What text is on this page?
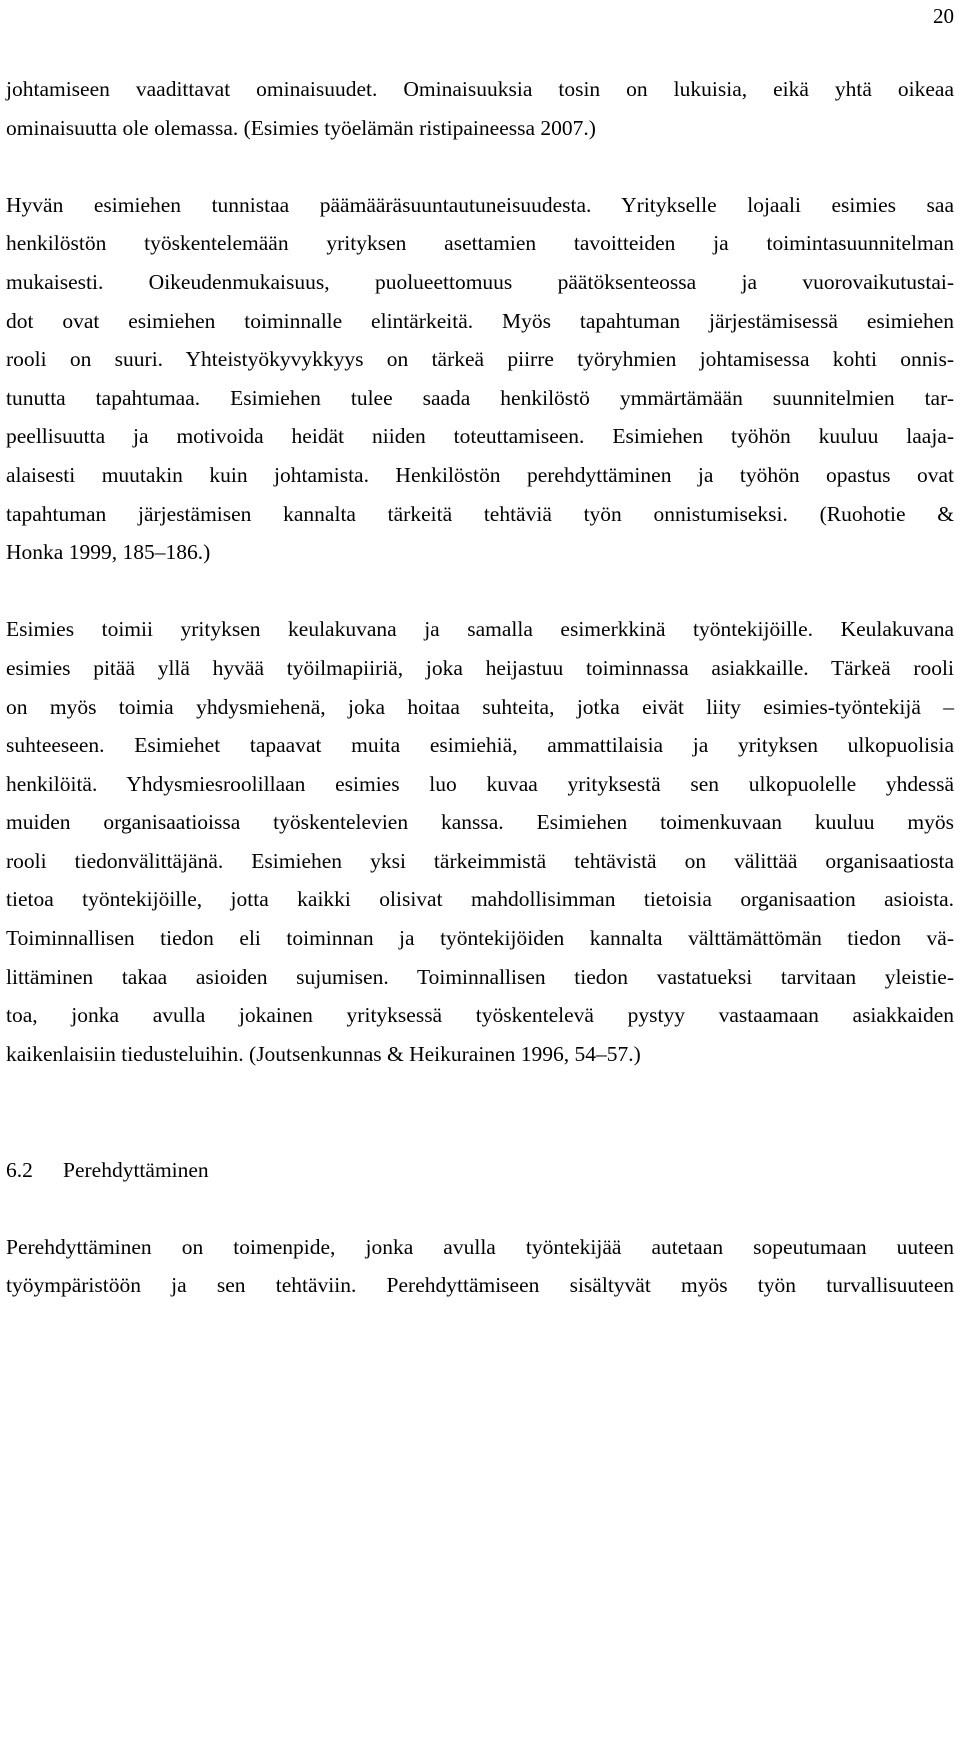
20
johtamiseen vaadittavat ominaisuudet. Ominaisuuksia tosin on lukuisia, eikä yhtä oikeaa
ominaisuutta ole olemassa. (Esimies työelämän ristipaineessa 2007.)
Hyvän esimiehen tunnistaa päämääräsuuntautuneisuudesta. Yritykselle lojaali esimies saa
henkilöstön työskentelemään yrityksen asettamien tavoitteiden ja toimintasuunnitelman
mukaisesti. Oikeudenmukaisuus, puolueettomuus päätöksenteossa ja vuorovaikutustai-
dot ovat esimiehen toiminnalle elintärkeitä. Myös tapahtuman järjestämisessä esimiehen
rooli on suuri. Yhteistyökyvykkyys on tärkeä piirre työryhmien johtamisessa kohti onnis-
tunutta tapahtumaa. Esimiehen tulee saada henkilöstö ymmärtämään suunnitelmien tar-
peellisuutta ja motivoida heidät niiden toteuttamiseen. Esimiehen työhön kuuluu laaja-
alaisesti muutakin kuin johtamista. Henkilöstön perehdyttäminen ja työhön opastus ovat
tapahtuman järjestämisen kannalta tärkeitä tehtäviä työn onnistumiseksi. (Ruohotie &
Honka 1999, 185–186.)
Esimies toimii yrityksen keulakuvana ja samalla esimerkkinä työntekijöille. Keulakuvana
esimies pitää yllä hyvää työilmapiiriä, joka heijastuu toiminnassa asiakkaille. Tärkeä rooli
on myös toimia yhdysmiehenä, joka hoitaa suhteita, jotka eivät liity esimies-työntekijä –
suhteeseen. Esimiehet tapaavat muita esimiehiä, ammattilaisia ja yrityksen ulkopuolisia
henkilöitä. Yhdysmiesroolillaan esimies luo kuvaa yrityksestä sen ulkopuolelle yhdessä
muiden organisaatioissa työskentelevien kanssa. Esimiehen toimenkuvaan kuuluu myös
rooli tiedonvälittäjänä. Esimiehen yksi tärkeimmistä tehtävistä on välittää organisaatiosta
tietoa työntekijöille, jotta kaikki olisivat mahdollisimman tietoisia organisaation asioista.
Toiminnallisen tiedon eli toiminnan ja työntekijöiden kannalta välttämättömän tiedon vä-
littäminen takaa asioiden sujumisen. Toiminnallisen tiedon vastatueksi tarvitaan yleistie-
toa, jonka avulla jokainen yrityksessä työskentelevä pystyy vastaamaan asiakkaiden
kaikenlaisiin tiedusteluihin. (Joutsenkunnas & Heikurainen 1996, 54–57.)
6.2 Perehdyttäminen
Perehdyttäminen on toimenpide, jonka avulla työntekijää autetaan sopeutumaan uuteen
työympäristöön ja sen tehtäviin. Perehdyttämiseen sisältyvät myös työn turvallisuuteen
